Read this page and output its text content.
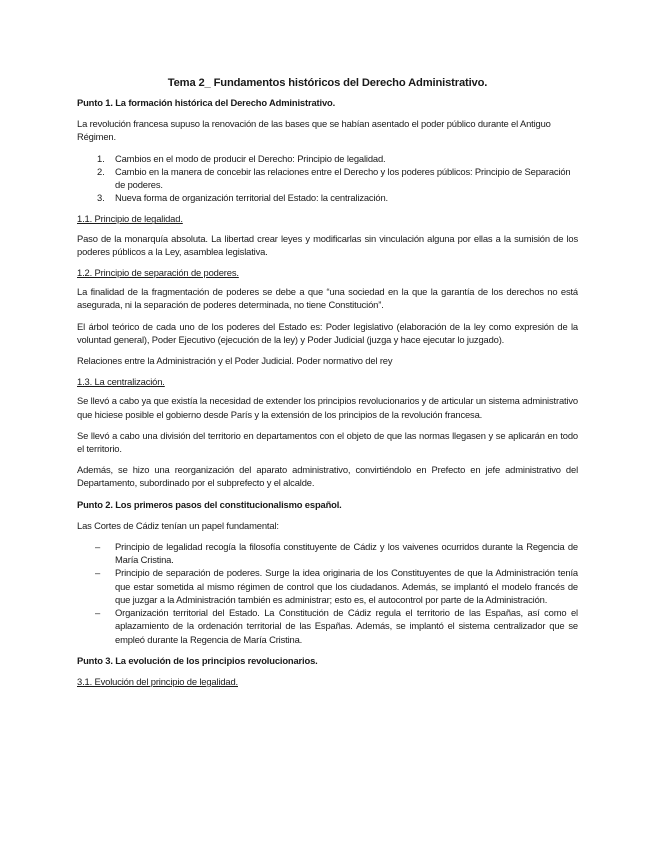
Tema 2_ Fundamentos históricos del Derecho Administrativo.
Punto 1. La formación histórica del Derecho Administrativo.

La revolución francesa supuso la renovación de las bases que se habían asentado el poder público durante el Antiguo Régimen.

1. Cambios en el modo de producir el Derecho: Principio de legalidad.
2. Cambio en la manera de concebir las relaciones entre el Derecho y los poderes públicos: Principio de Separación de poderes.
3. Nueva forma de organización territorial del Estado: la centralización.
1.1. Principio de legalidad.

Paso de la monarquía absoluta. La libertad crear leyes y modificarlas sin vinculación alguna por ellas a la sumisión de los poderes públicos a la Ley, asamblea legislativa.

1.2. Principio de separación de poderes.

La finalidad de la fragmentación de poderes se debe a que “una sociedad en la que la garantía de los derechos no está asegurada, ni la separación de poderes determinada, no tiene Constitución”.

El árbol teórico de cada uno de los poderes del Estado es: Poder legislativo (elaboración de la ley como expresión de la voluntad general), Poder Ejecutivo (ejecución de la ley) y Poder Judicial (juzga y hace ejecutar lo juzgado).

Relaciones entre la Administración y el Poder Judicial. Poder normativo del rey

1.3. La centralización.

Se llevó a cabo ya que existía la necesidad de extender los principios revolucionarios y de articular un sistema administrativo que hiciese posible el gobierno desde París y la extensión de los principios de la revolución francesa.

Se llevó a cabo una división del territorio en departamentos con el objeto de que las normas llegasen y se aplicarán en todo el territorio.

Además, se hizo una reorganización del aparato administrativo, convirtiéndolo en Prefecto en jefe administrativo del Departamento, subordinado por el subprefecto y el alcalde.

Punto 2. Los primeros pasos del constitucionalismo español.

Las Cortes de Cádiz tenían un papel fundamental:

– Principio de legalidad recogía la filosofía constituyente de Cádiz y los vaivenes ocurridos durante la Regencia de María Cristina.
– Principio de separación de poderes. Surge la idea originaria de los Constituyentes de que la Administración tenía que estar sometida al mismo régimen de control que los ciudadanos. Además, se implantó el modelo francés de que juzgar a la Administración también es administrar; esto es, el autocontrol por parte de la Administración.
– Organización territorial del Estado. La Constitución de Cádiz regula el territorio de las Españas, así como el aplazamiento de la ordenación territorial de las Españas. Además, se implantó el sistema centralizador que se empleó durante la Regencia de María Cristina.
Punto 3. La evolución de los principios revolucionarios.
3.1. Evolución del principio de legalidad.
